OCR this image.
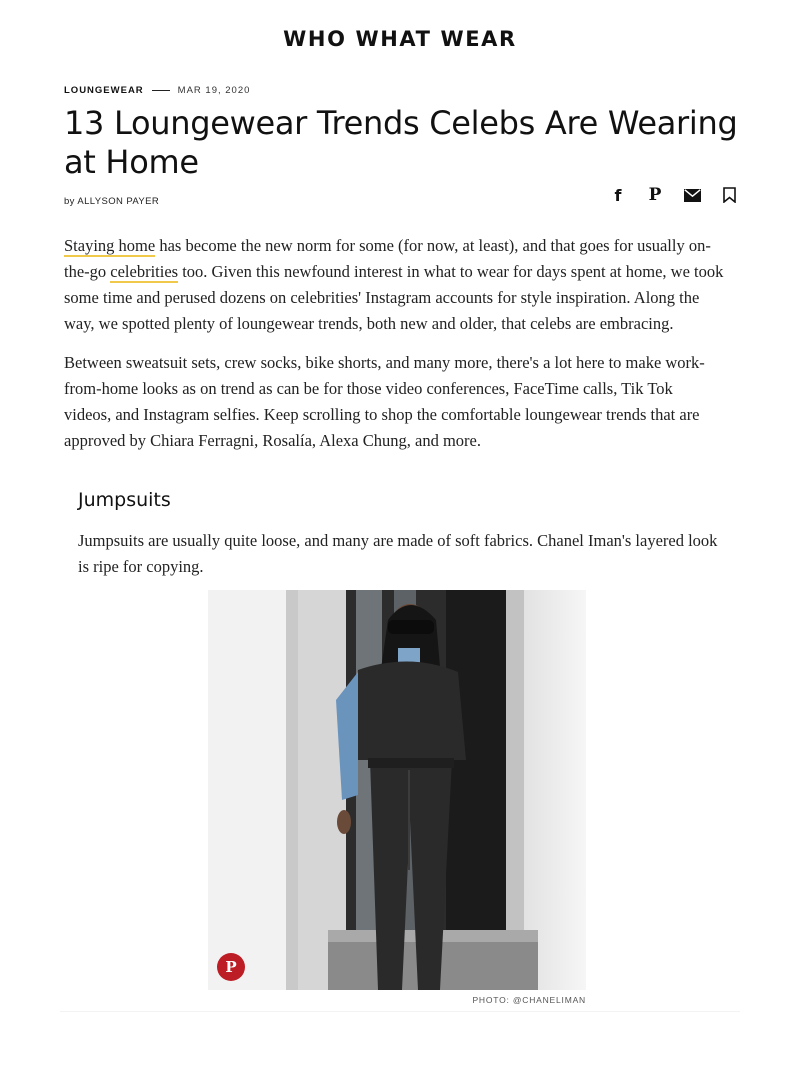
WHO WHAT WEAR
LOUNGEWEAR	MAR 19, 2020
13 Loungewear Trends Celebs Are Wearing at Home
by ALLYSON PAYER	f P

Staying home has become the new norm for some (for now, at least), and that goes for usually on-the-go celebrities too. Given this newfound interest in what to wear for days spent at home, we took some time and perused dozens on celebrities' Instagram accounts for style inspiration. Along the way, we spotted plenty of loungewear trends, both new and older, that celebs are embracing.

Between sweatsuit sets, crew socks, bike shorts, and many more, there's a lot here to make work-from-home looks as on trend as can be for those video conferences, FaceTime calls, Tik Tok videos, and Instagram selfies. Keep scrolling to shop the comfortable loungewear trends that are approved by Chiara Ferragni, Rosalía, Alexa Chung, and more.

Jumpsuits

Jumpsuits are usually quite loose, and many are made of soft fabrics. Chanel Iman's layered look is ripe for copying.

P
PHOTO: @CHANELIMAN
